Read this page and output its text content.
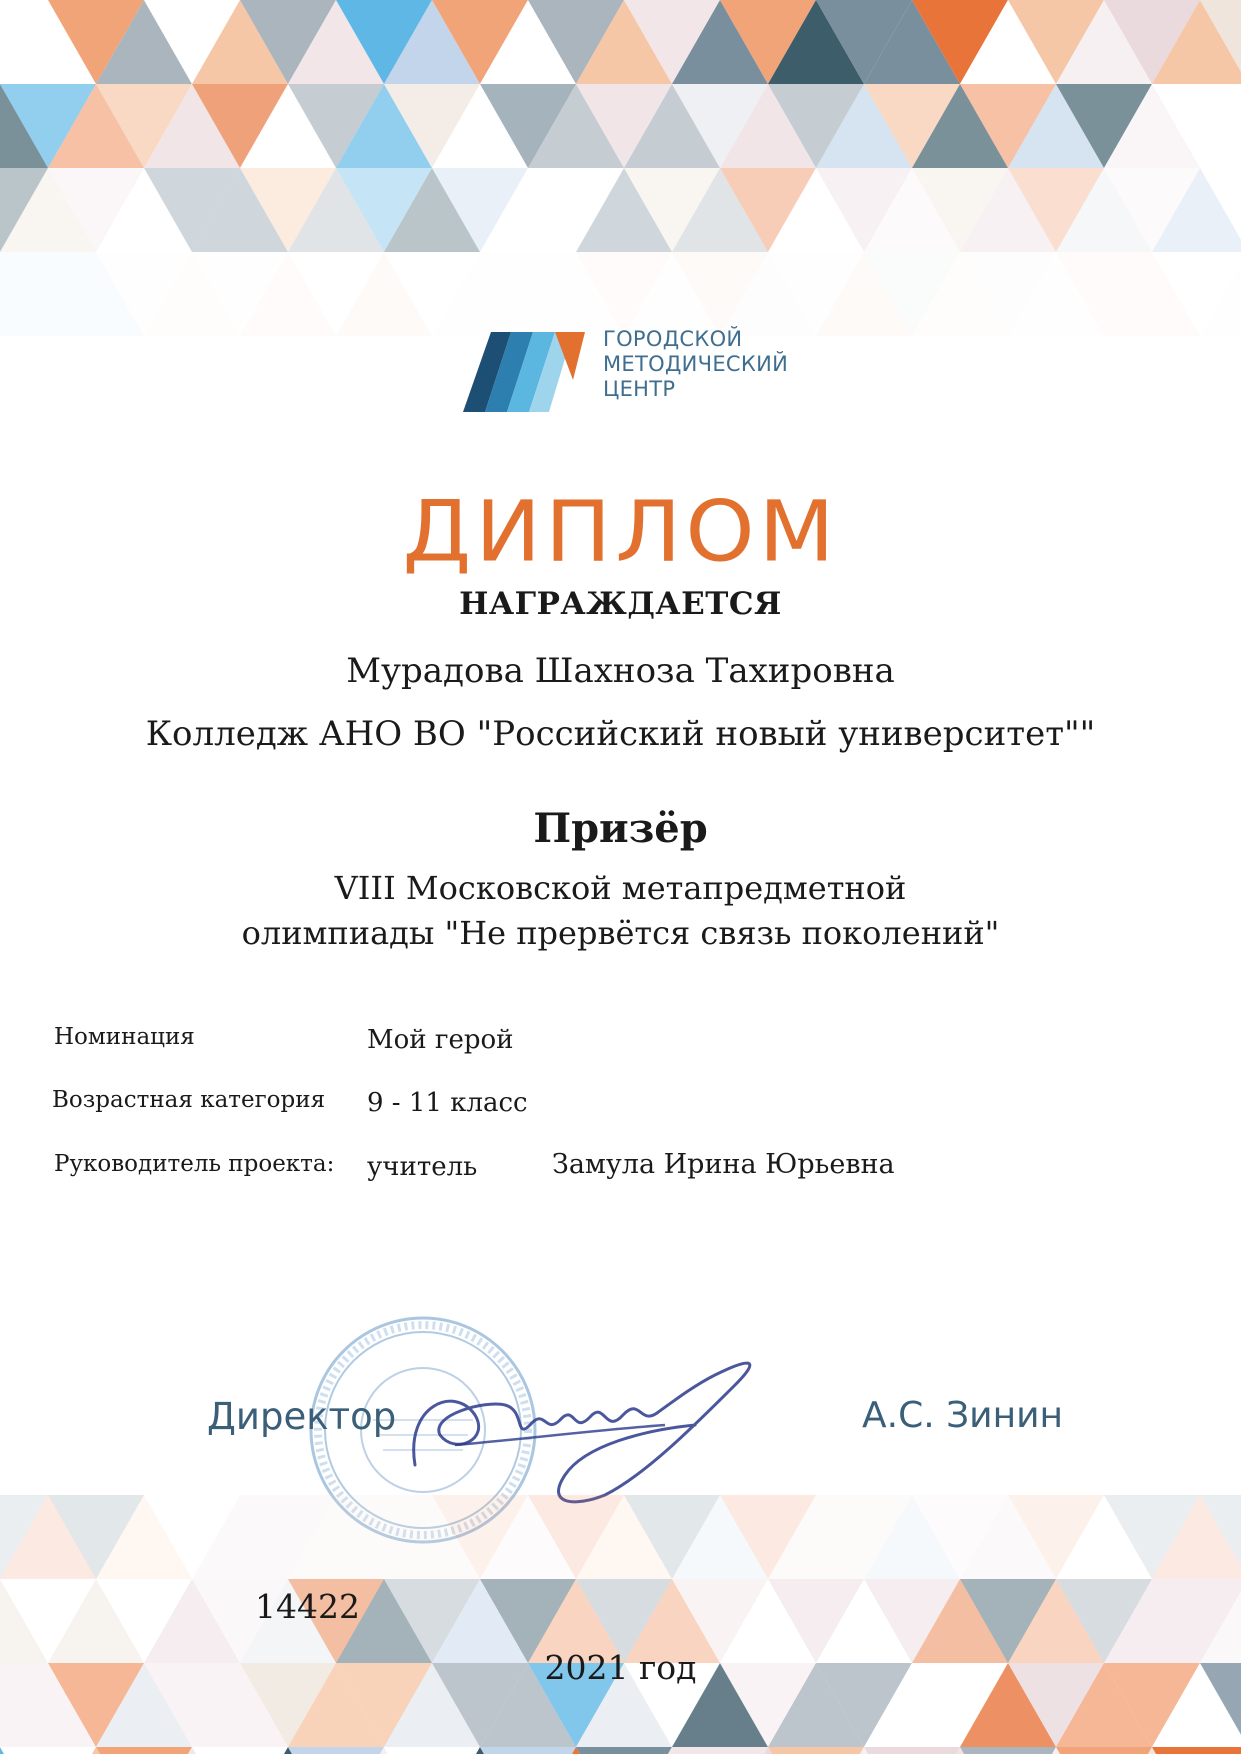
ГОРОДСКОЙ
МЕТОДИЧЕСКИЙ
ЦЕНТР
ДИПЛОМ
НАГРАЖДАЕТСЯ
Мурадова Шахноза Тахировна
Колледж АНО ВО "Российский новый университет""
Призёр
VIII Московской метапредметной
олимпиады "Не прервётся связь поколений"
Номинация	Мой герой
Возрастная категория 9 - 11 класс
Руководитель проекта: учитель	Замула Ирина Юрьевна
Директор	А.С. Зинин
14422
2021 год
